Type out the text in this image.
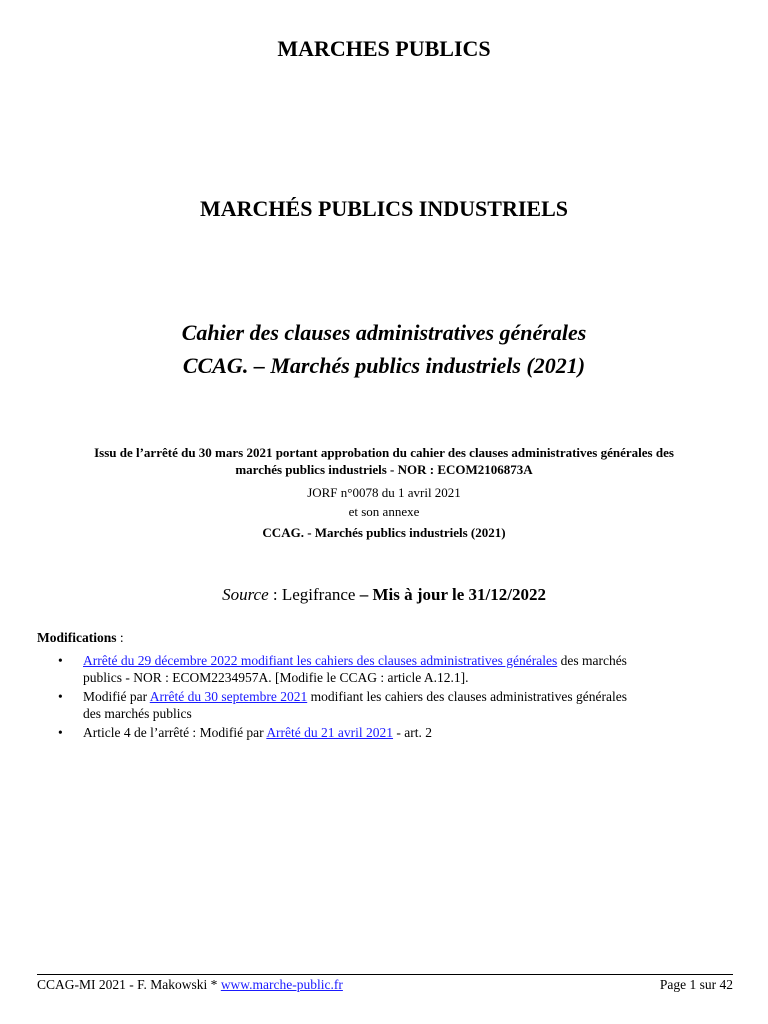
MARCHES PUBLICS
MARCHÉS PUBLICS INDUSTRIELS
Cahier des clauses administratives générales
CCAG. – Marchés publics industriels (2021)
Issu de l’arrêté du 30 mars 2021 portant approbation du cahier des clauses administratives générales des
marchés publics industriels - NOR : ECOM2106873A
JORF n°0078 du 1 avril 2021
et son annexe
CCAG. - Marchés publics industriels (2021)
Source : Legifrance – Mis à jour le 31/12/2022
Modifications :
• Arrêté du 29 décembre 2022 modifiant les cahiers des clauses administratives générales des marchés
publics - NOR : ECOM2234957A. [Modifie le CCAG : article A.12.1].
• Modifié par Arrêté du 30 septembre 2021 modifiant les cahiers des clauses administratives générales
des marchés publics
• Article 4 de l’arrêté : Modifié par Arrêté du 21 avril 2021 - art. 2
CCAG-MI 2021 - F. Makowski * www.marche-public.fr	Page 1 sur 42
